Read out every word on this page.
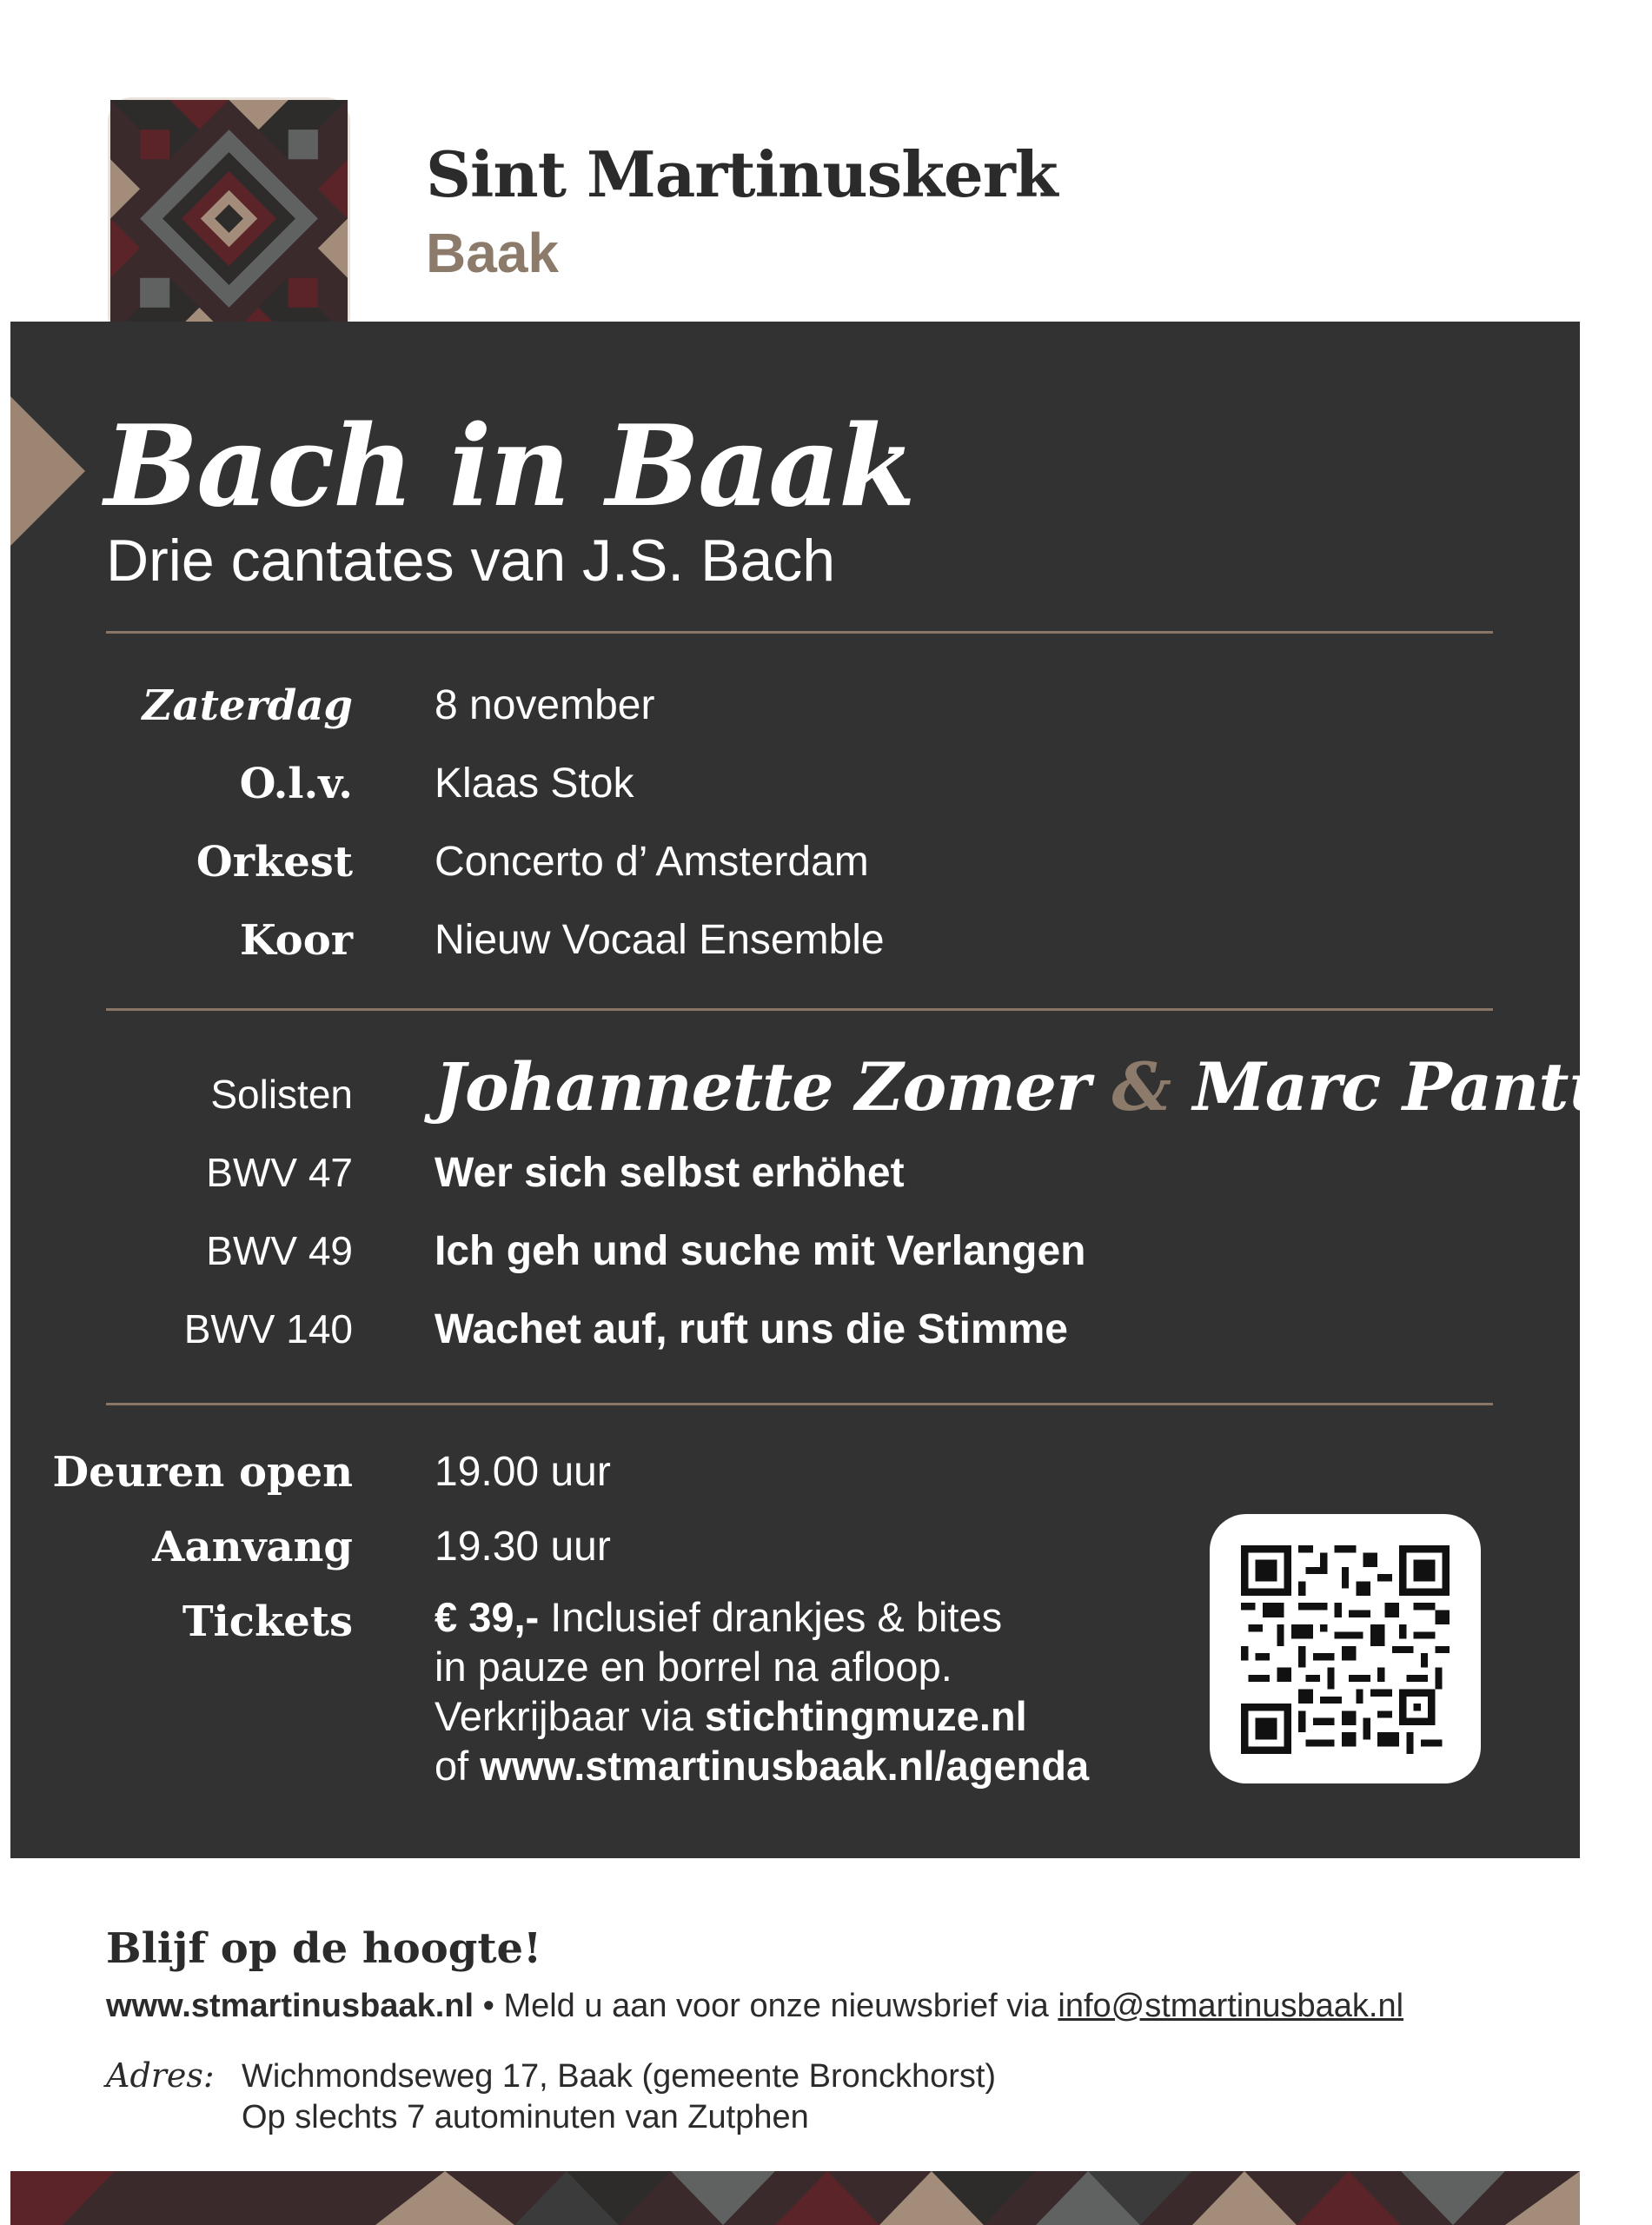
Sint Martinuskerk
Baak
Bach in Baak
Drie cantates van J.S. Bach
Zaterdag 8 november
O.l.v. Klaas Stok
Orkest Concerto d’ Amsterdam
Koor Nieuw Vocaal Ensemble
Solisten Johannette Zomer & Marc Pantus
BWV 47 Wer sich selbst erhöhet
BWV 49 Ich geh und suche mit Verlangen
BWV 140 Wachet auf, ruft uns die Stimme
Deuren open 19.00 uur
Aanvang 19.30 uur
Tickets € 39,- Inclusief drankjes & bites
in pauze en borrel na afloop.
Verkrijbaar via stichtingmuze.nl
of www.stmartinusbaak.nl/agenda
Blijf op de hoogte!
www.stmartinusbaak.nl • Meld u aan voor onze nieuwsbrief via info@stmartinusbaak.nl
Adres: Wichmondseweg 17, Baak (gemeente Bronckhorst)
Op slechts 7 autominuten van Zutphen
